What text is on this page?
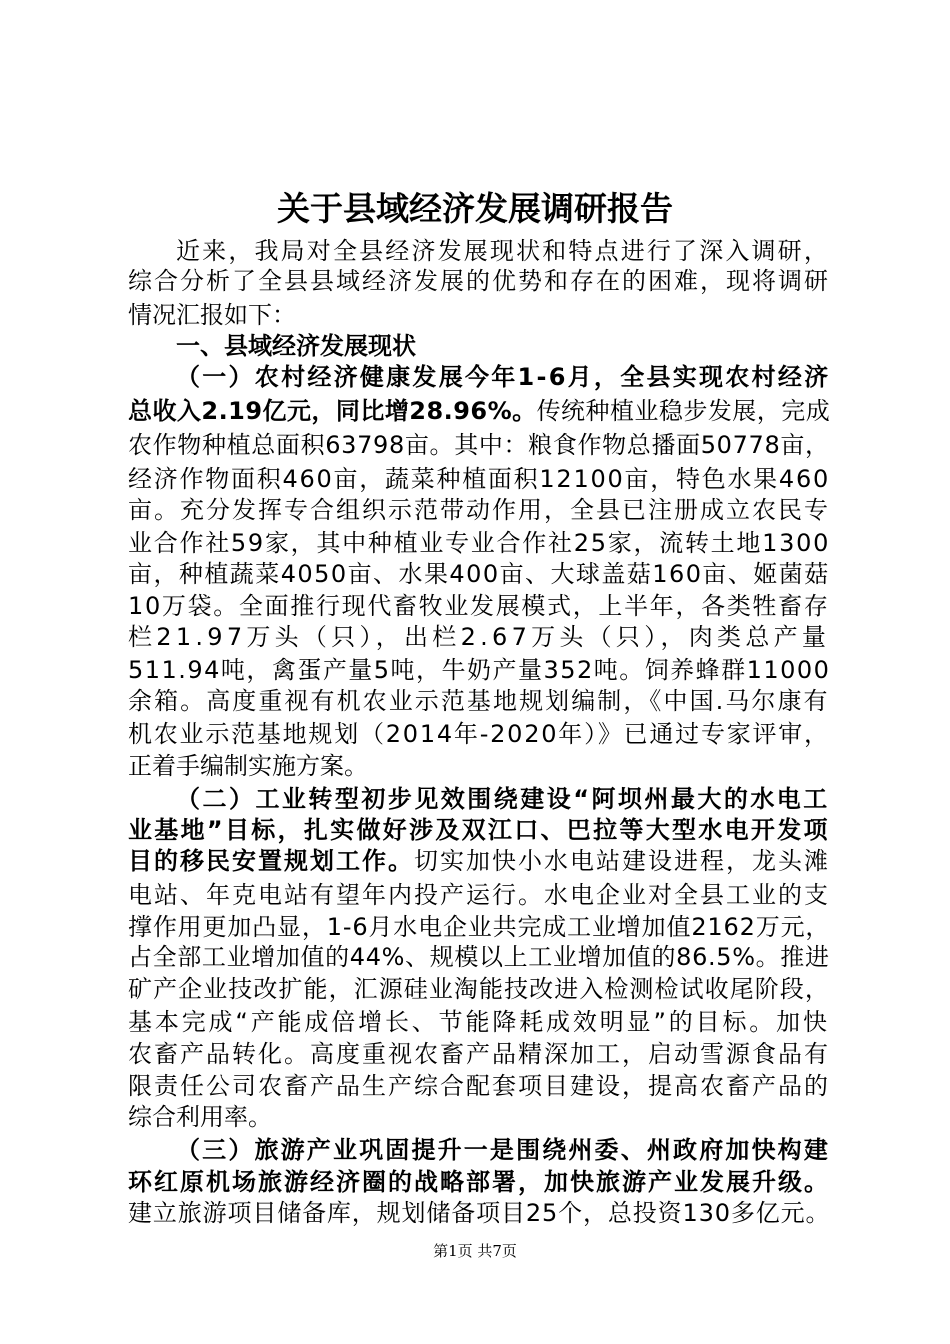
关于县域经济发展调研报告
近来，我局对全县经济发展现状和特点进行了深入调研，
综合分析了全县县域经济发展的优势和存在的困难，现将调研
情况汇报如下：
一、县域经济发展现状
（一）农村经济健康发展今年1-6月，全县实现农村经济
总收入2.19亿元，同比增28.96%。传统种植业稳步发展，完成
农作物种植总面积63798亩。其中：粮食作物总播面50778亩，
经济作物面积460亩，蔬菜种植面积12100亩，特色水果460
亩。充分发挥专合组织示范带动作用，全县已注册成立农民专
业合作社59家，其中种植业专业合作社25家，流转土地1300
亩，种植蔬菜4050亩、水果400亩、大球盖菇160亩、姬菌菇
10万袋。全面推行现代畜牧业发展模式，上半年，各类牲畜存
栏21.97万头（只），出栏2.67万头（只），肉类总产量
511.94吨，禽蛋产量5吨，牛奶产量352吨。饲养蜂群11000
余箱。高度重视有机农业示范基地规划编制，《中国.马尔康有
机农业示范基地规划（2014年-2020年）》已通过专家评审，
正着手编制实施方案。
（二）工业转型初步见效围绕建设“阿坝州最大的水电工
业基地”目标，扎实做好涉及双江口、巴拉等大型水电开发项
目的移民安置规划工作。切实加快小水电站建设进程，龙头滩
电站、年克电站有望年内投产运行。水电企业对全县工业的支
撑作用更加凸显，1-6月水电企业共完成工业增加值2162万元，
占全部工业增加值的44%、规模以上工业增加值的86.5%。推进
矿产企业技改扩能，汇源硅业淘能技改进入检测检试收尾阶段，
基本完成“产能成倍增长、节能降耗成效明显”的目标。加快
农畜产品转化。高度重视农畜产品精深加工，启动雪源食品有
限责任公司农畜产品生产综合配套项目建设，提高农畜产品的
综合利用率。
（三）旅游产业巩固提升一是围绕州委、州政府加快构建
环红原机场旅游经济圈的战略部署，加快旅游产业发展升级。
建立旅游项目储备库，规划储备项目25个，总投资130多亿元。
第1页 共7页
